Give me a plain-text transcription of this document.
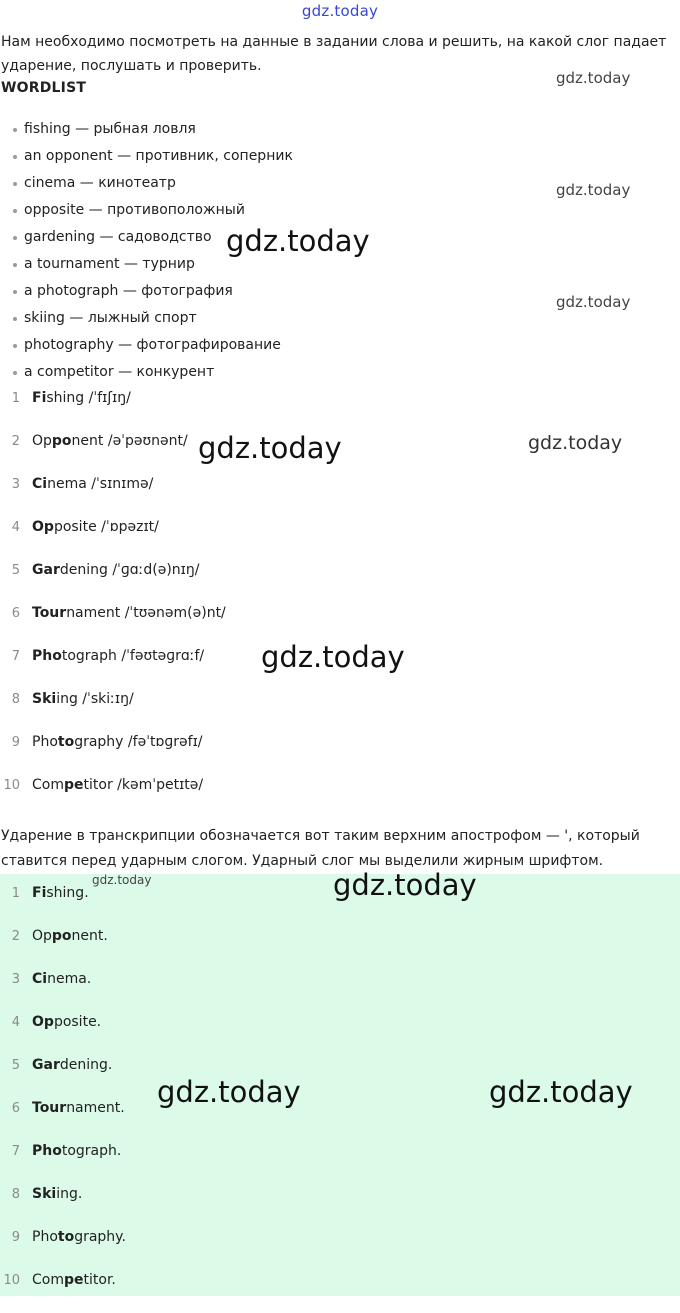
gdz.today
Нам необходимо посмотреть на данные в задании слова и решить, на какой слог падает ударение, послушать и проверить.
WORDLIST
fishing — рыбная ловля
an opponent — противник, соперник
cinema — кинотеатр
opposite — противоположный
gardening — садоводство
a tournament — турнир
a photograph — фотография
skiing — лыжный спорт
photography — фотографирование
a competitor — конкурент
1 Fishing /ˈfɪʃɪŋ/
2 Opponent /əˈpəʊnənt/
3 Cinema /ˈsɪnɪmə/
4 Opposite /ˈɒpəzɪt/
5 Gardening /ˈɡɑːd(ə)nɪŋ/
6 Tournament /ˈtʊənəm(ə)nt/
7 Photograph /ˈfəʊtəɡrɑːf/
8 Skiing /ˈskiːɪŋ/
9 Photography /fəˈtɒɡrəfɪ/
10 Competitor /kəmˈpetɪtə/
Ударение в транскрипции обозначается вот таким верхним апострофом — ', который ставится перед ударным слогом. Ударный слог мы выделили жирным шрифтом.
1 Fishing.
2 Opponent.
3 Cinema.
4 Opposite.
5 Gardening.
6 Tournament.
7 Photograph.
8 Skiing.
9 Photography.
10 Competitor.
gdz.today
gdz.today
gdz.today
gdz.today
gdz.today	gdz.today
gdz.today
gdz.today	gdz.today
gdz.today	gdz.today
